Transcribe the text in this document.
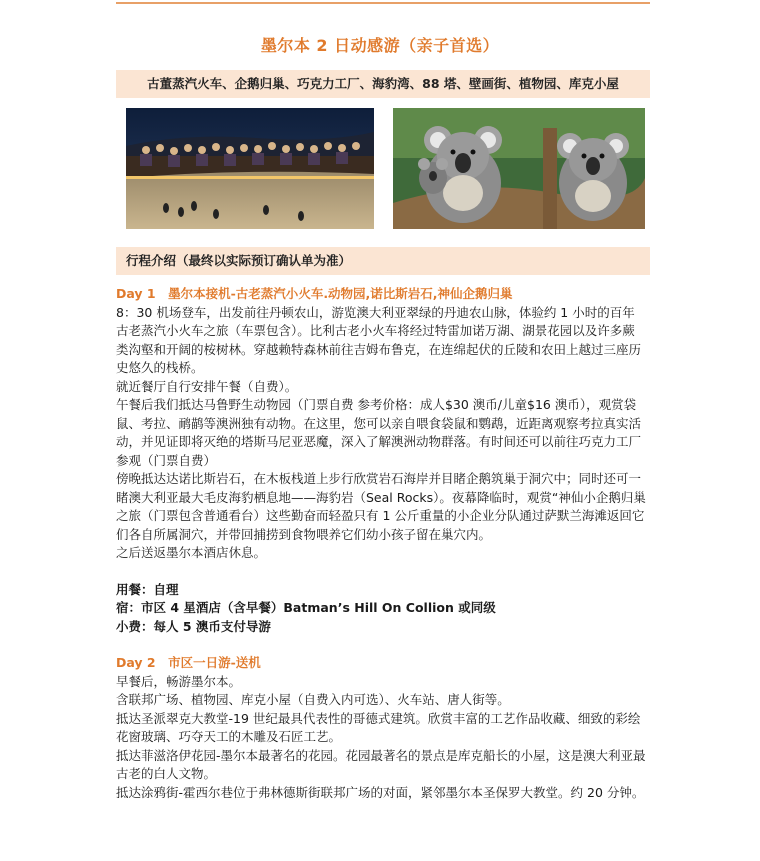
墨尔本 2 日动感游（亲子首选）
古董蒸汽火车、企鹅归巢、巧克力工厂、海豹湾、88 塔、壁画街、植物园、库克小屋
行程介绍（最终以实际预订确认单为准）

Day 1　墨尔本接机-古老蒸汽小火车.动物园,诺比斯岩石,神仙企鹅归巢

8：30 机场登车，出发前往丹顿农山，游览澳大利亚翠绿的丹迪农山脉，体验约 1 小时的百年古老蒸汽小火车之旅（车票包含）。比利古老小火车将经过特雷加诺万湖、湖景花园以及许多蕨类沟壑和开阔的桉树林。穿越赖特森林前往吉姆布鲁克，在连绵起伏的丘陵和农田上越过三座历史悠久的栈桥。

就近餐厅自行安排午餐（自费）。

午餐后我们抵达马鲁野生动物园（门票自费 参考价格：成人$30 澳币/儿童$16 澳币），观赏袋鼠、考拉、鸸鹋等澳洲独有动物。在这里，您可以亲自喂食袋鼠和鹦鹉，近距离观察考拉真实活动，并见证即将灭绝的塔斯马尼亚恶魔，深入了解澳洲动物群落。有时间还可以前往巧克力工厂参观（门票自费）

傍晚抵达达诺比斯岩石，在木板栈道上步行欣赏岩石海岸并目睹企鹅筑巢于洞穴中；同时还可一睹澳大利亚最大毛皮海豹栖息地——海豹岩（Seal Rocks）。夜幕降临时，观赏“神仙小企鹅归巢之旅（门票包含普通看台）这些勤奋而轻盈只有 1 公斤重量的小企业分队通过萨默兰海滩返回它们各自所属洞穴，并带回捕捞到食物喂养它们幼小孩子留在巢穴内。

之后送返墨尔本酒店休息。

用餐：自理

宿：市区 4 星酒店（含早餐）Batman’s Hill On Collion 或同级

小费：每人 5 澳币支付导游

Day 2　市区一日游-送机

早餐后，畅游墨尔本。

含联邦广场、植物园、库克小屋（自费入内可选）、火车站、唐人街等。

抵达圣派翠克大教堂-19 世纪最具代表性的哥德式建筑。欣赏丰富的工艺作品收藏、细致的彩绘花窗玻璃、巧夺天工的木雕及石匠工艺。

抵达菲滋洛伊花园-墨尔本最著名的花园。花园最著名的景点是库克船长的小屋，这是澳大利亚最古老的白人文物。

抵达涂鸦街-霍西尔巷位于弗林德斯街联邦广场的对面，紧邻墨尔本圣保罗大教堂。约 20 分钟。
